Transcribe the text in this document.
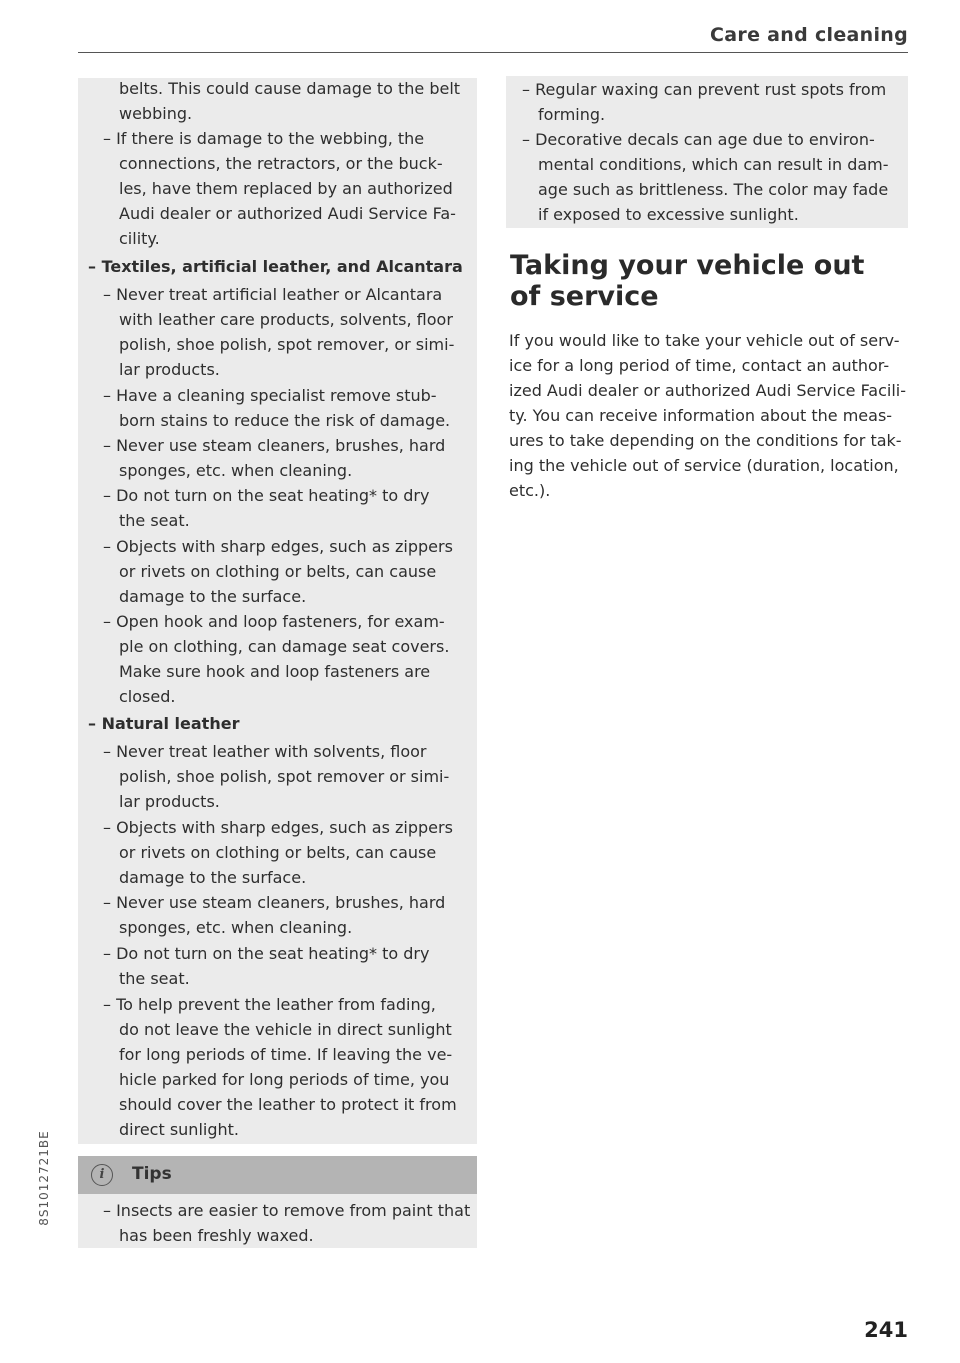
Care and cleaning
8S1012721BE
belts. This could cause damage to the belt
webbing.
– If there is damage to the webbing, the
connections, the retractors, or the buck-
les, have them replaced by an authorized
Audi dealer or authorized Audi Service Fa-
cility.
– Textiles, artificial leather, and Alcantara
– Never treat artificial leather or Alcantara
with leather care products, solvents, floor
polish, shoe polish, spot remover, or simi-
lar products.
– Have a cleaning specialist remove stub-
born stains to reduce the risk of damage.
– Never use steam cleaners, brushes, hard
sponges, etc. when cleaning.
– Do not turn on the seat heating* to dry
the seat.
– Objects with sharp edges, such as zippers
or rivets on clothing or belts, can cause
damage to the surface.
– Open hook and loop fasteners, for exam-
ple on clothing, can damage seat covers.
Make sure hook and loop fasteners are
closed.
– Natural leather
– Never treat leather with solvents, floor
polish, shoe polish, spot remover or simi-
lar products.
– Objects with sharp edges, such as zippers
or rivets on clothing or belts, can cause
damage to the surface.
– Never use steam cleaners, brushes, hard
sponges, etc. when cleaning.
– Do not turn on the seat heating* to dry
the seat.
– To help prevent the leather from fading,
do not leave the vehicle in direct sunlight
for long periods of time. If leaving the ve-
hicle parked for long periods of time, you
should cover the leather to protect it from
direct sunlight.
i	Tips
– Insects are easier to remove from paint that
has been freshly waxed.
– Regular waxing can prevent rust spots from
forming.
– Decorative decals can age due to environ-
mental conditions, which can result in dam-
age such as brittleness. The color may fade
if exposed to excessive sunlight.
Taking your vehicle out
of service
If you would like to take your vehicle out of serv-
ice for a long period of time, contact an author-
ized Audi dealer or authorized Audi Service Facili-
ty. You can receive information about the meas-
ures to take depending on the conditions for tak-
ing the vehicle out of service (duration, location,
etc.).
241
